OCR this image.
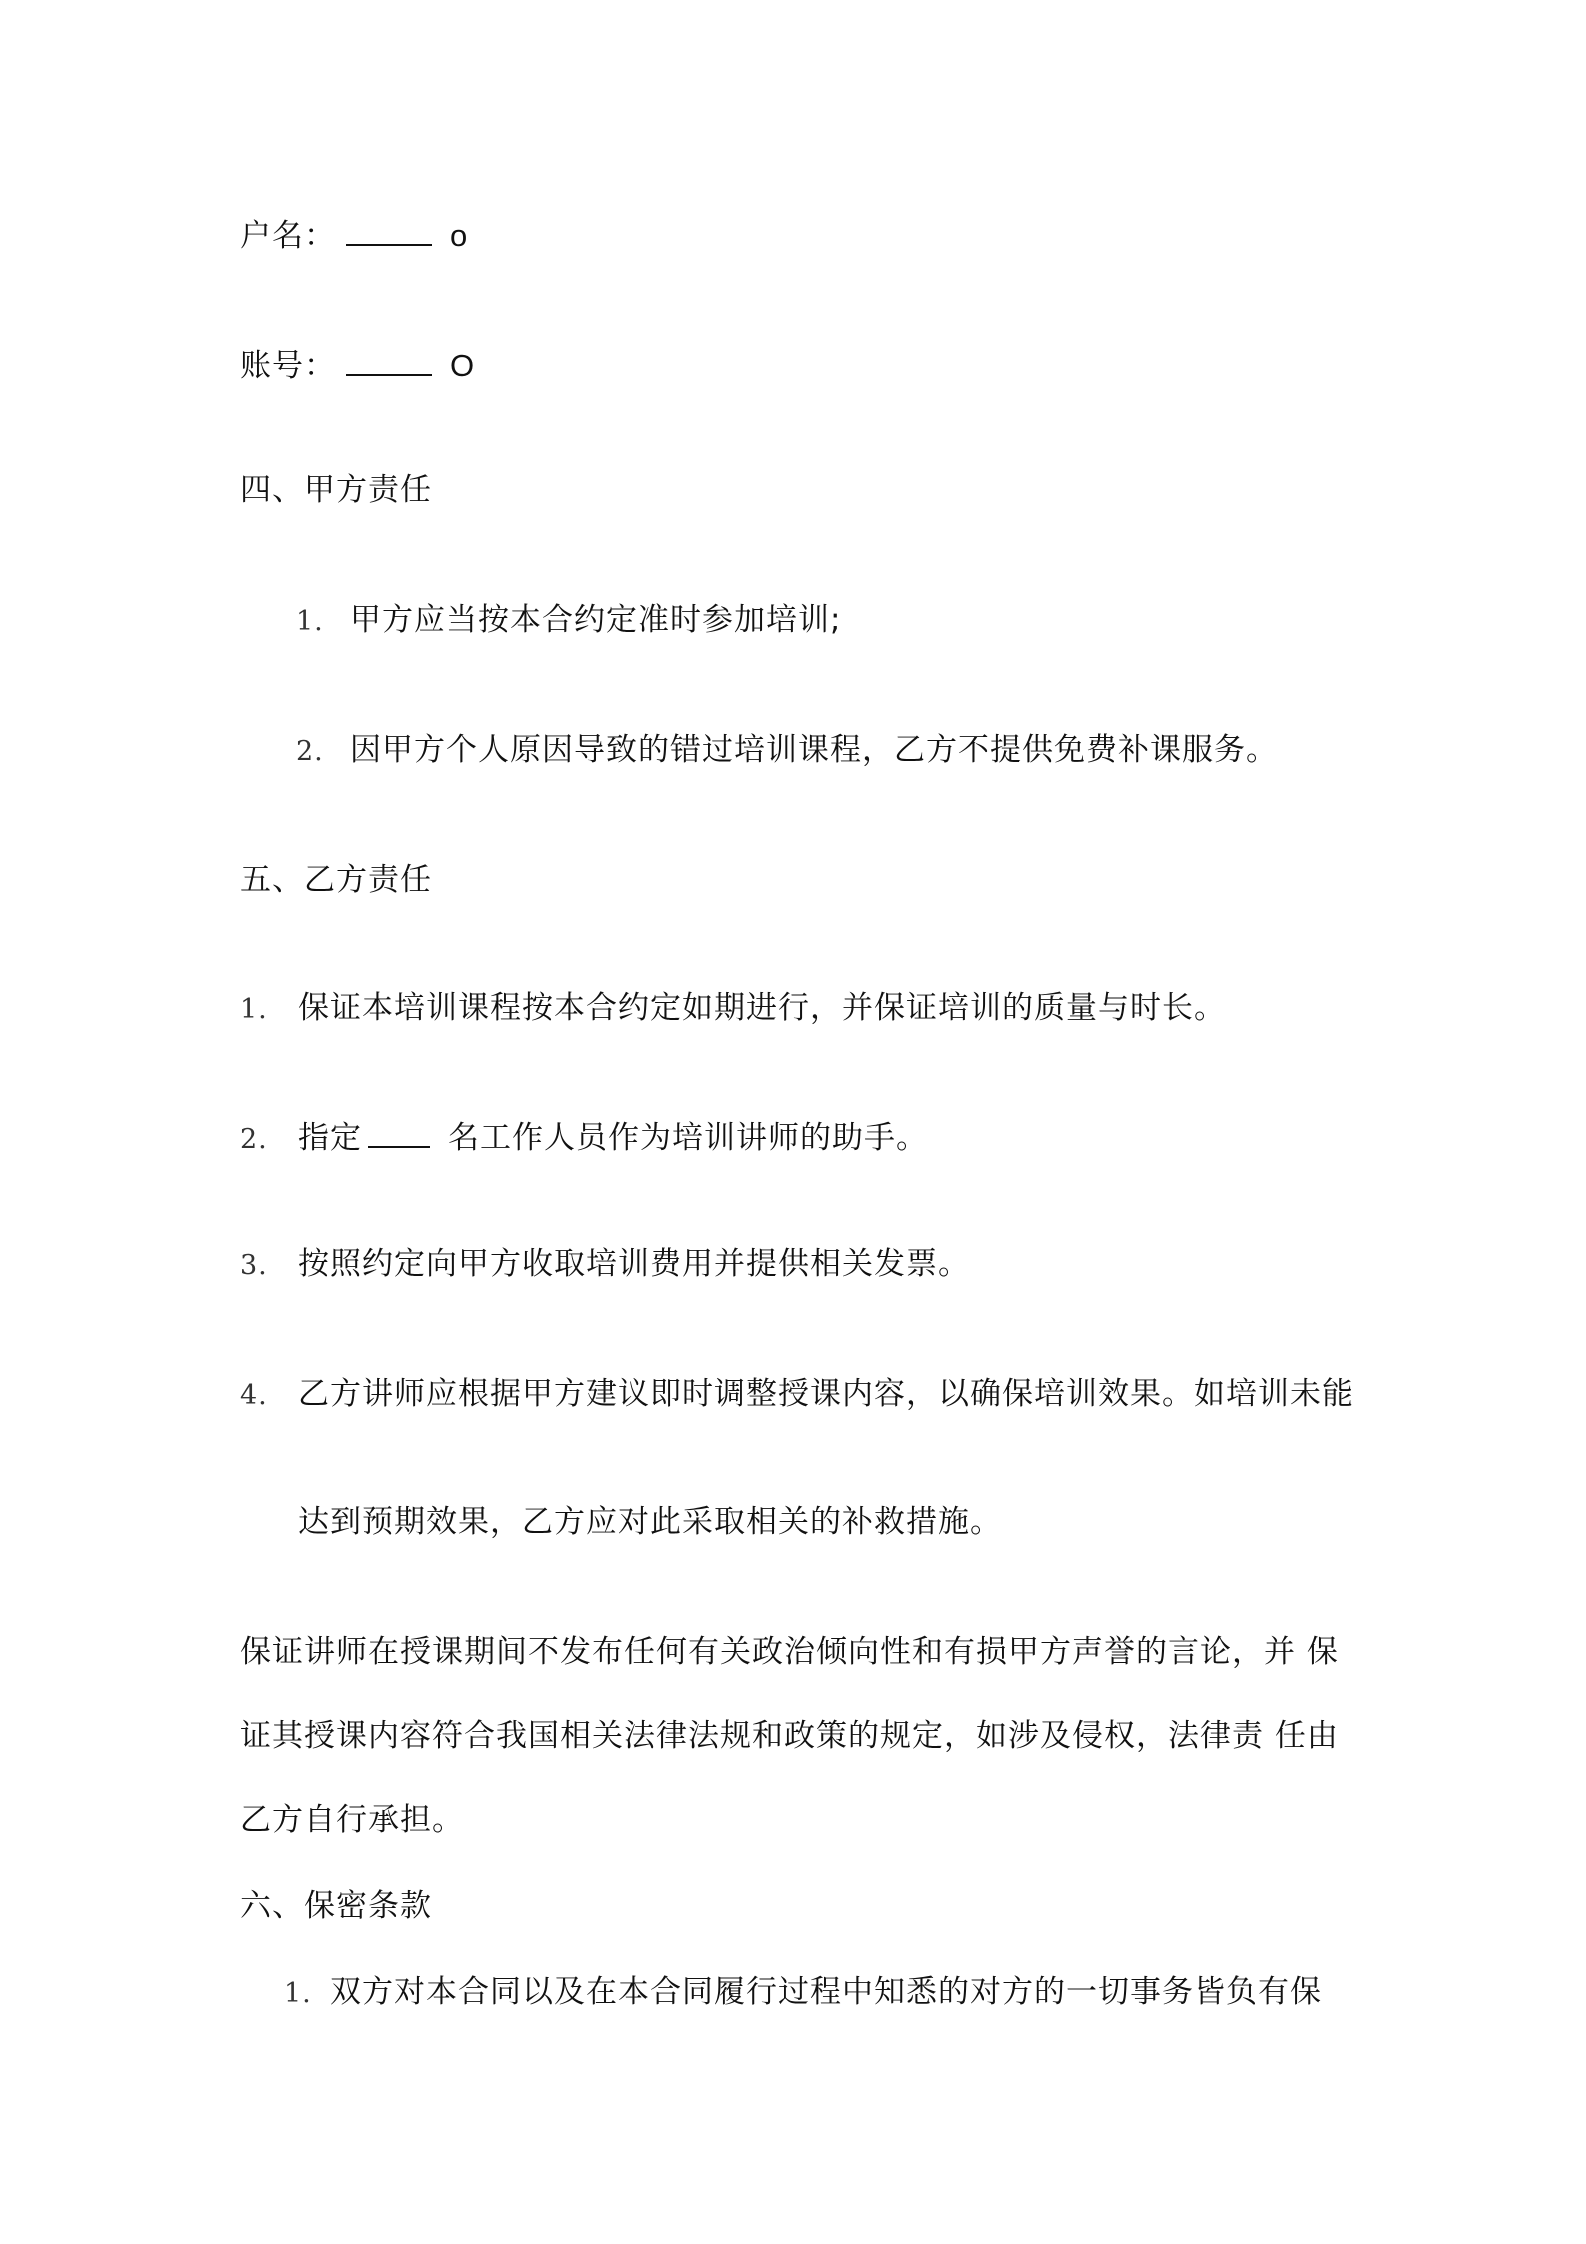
户名：	o
账号：	O
四、甲方责任
1. 甲方应当按本合约定准时参加培训;
2. 因甲方个人原因导致的错过培训课程，乙方不提供免费补课服务。
五、乙方责任
1. 保证本培训课程按本合约定如期进行，并保证培训的质量与时长。
2. 指定	名工作人员作为培训讲师的助手。
3. 按照约定向甲方收取培训费用并提供相关发票。
4. 乙方讲师应根据甲方建议即时调整授课内容，以确保培训效果。如培训未能
达到预期效果，乙方应对此采取相关的补救措施。
保证讲师在授课期间不发布任何有关政治倾向性和有损甲方声誉的言论，并 保
证其授课内容符合我国相关法律法规和政策的规定，如涉及侵权，法律责 任由
乙方自行承担。
六、保密条款
1. 双方对本合同以及在本合同履行过程中知悉的对方的一切事务皆负有保
